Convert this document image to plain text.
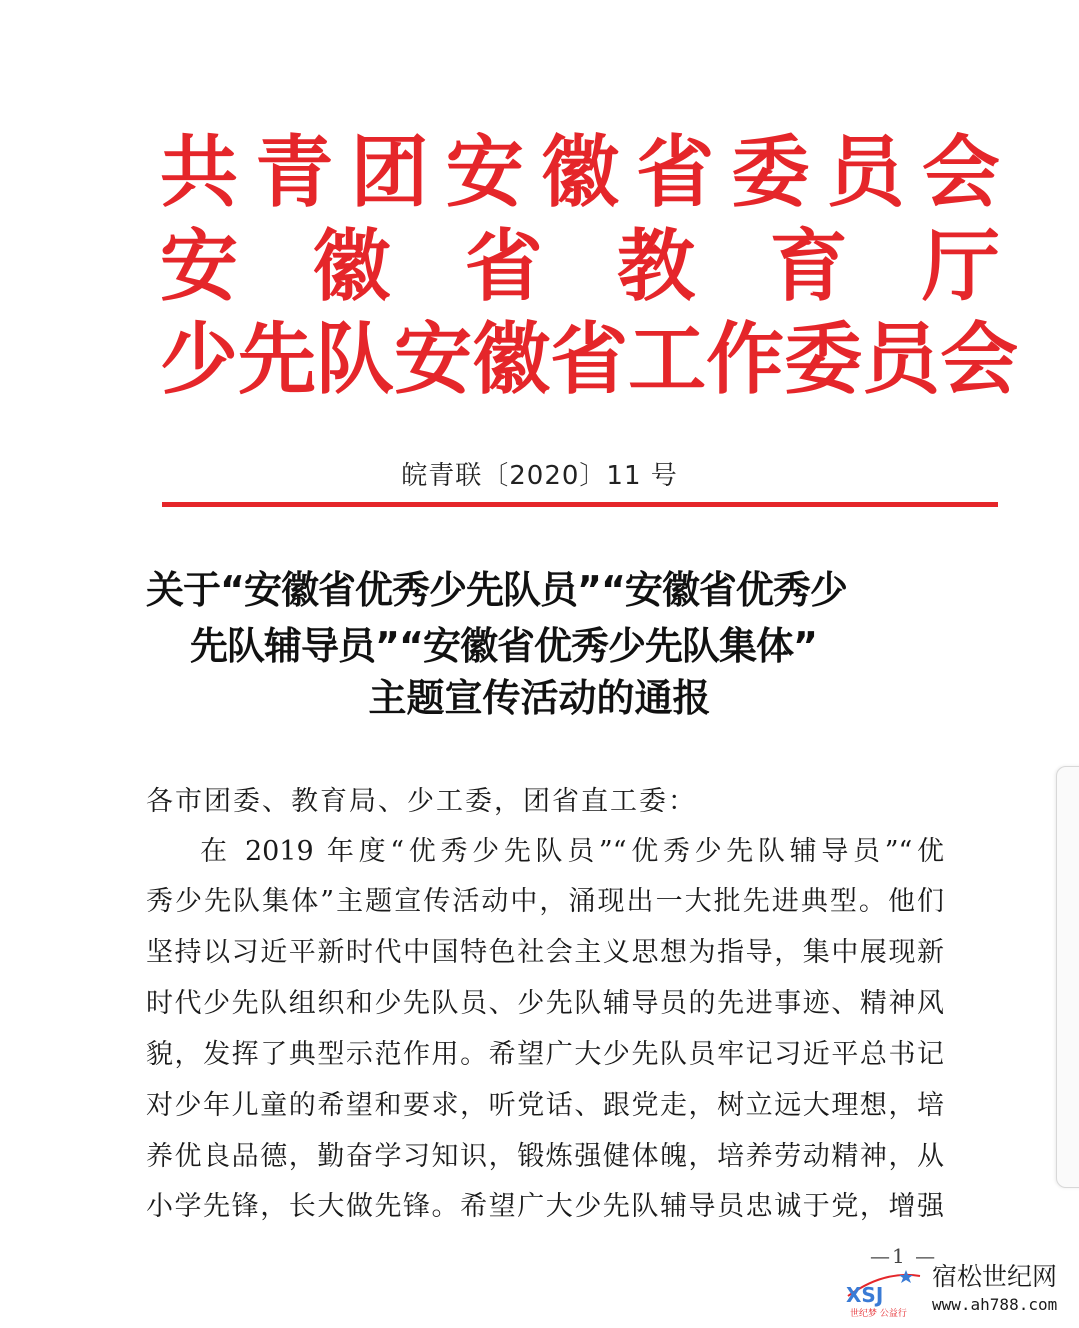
共 青 团 安 徽 省 委 员 会
安 徽 省 教 育 厅
少 先 队 安 徽 省 工 作 委 员 会
皖青联〔2020〕11 号
关于“安徽省优秀少先队员”“安徽省优秀少
先队辅导员”“安徽省优秀少先队集体”
主题宣传活动的通报
各市团委、教育局、少工委，团省直工委：
在 2019 年度“优秀少先队员”“优秀少先队辅导员”“优
秀少先队集体”主题宣传活动中，涌现出一大批先进典型。他们
坚持以习近平新时代中国特色社会主义思想为指导，集中展现新
时代少先队组织和少先队员、少先队辅导员的先进事迹、精神风
貌，发挥了典型示范作用。希望广大少先队员牢记习近平总书记
对少年儿童的希望和要求，听党话、跟党走，树立远大理想，培
养优良品德，勤奋学习知识，锻炼强健体魄，培养劳动精神，从
小学先锋，长大做先锋。希望广大少先队辅导员忠诚于党，增强
—1 —
XSJ
世纪梦 公益行
宿松世纪网
www.ah788.com
